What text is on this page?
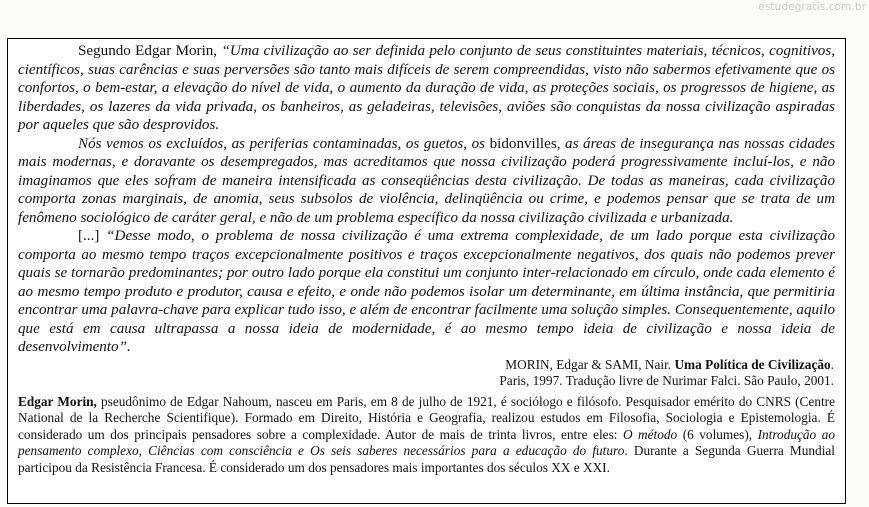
estudegratis.com.br

Segundo Edgar Morin, “Uma civilização ao ser definida pelo conjunto de seus constituintes materiais, técnicos, cognitivos, científicos, suas carências e suas perversões são tanto mais difíceis de serem compreendidas, visto não sabermos efetivamente que os confortos, o bem-estar, a elevação do nível de vida, o aumento da duração de vida, as proteções sociais, os progressos de higiene, as liberdades, os lazeres da vida privada, os banheiros, as geladeiras, televisões, aviões são conquistas da nossa civilização aspiradas por aqueles que são desprovidos.

Nós vemos os excluídos, as periferias contaminadas, os guetos, os bidonvilles, as áreas de insegurança nas nossas cidades mais modernas, e doravante os desempregados, mas acreditamos que nossa civilização poderá progressivamente incluí-los, e não imaginamos que eles sofram de maneira intensificada as conseqüências desta civilização. De todas as maneiras, cada civilização comporta zonas marginais, de anomia, seus subsolos de violência, delinqüência ou crime, e podemos pensar que se trata de um fenômeno sociológico de caráter geral, e não de um problema específico da nossa civilização civilizada e urbanizada.

[...] “Desse modo, o problema de nossa civilização é uma extrema complexidade, de um lado porque esta civilização comporta ao mesmo tempo traços excepcionalmente positivos e traços excepcionalmente negativos, dos quais não podemos prever quais se tornarão predominantes; por outro lado porque ela constitui um conjunto inter-relacionado em círculo, onde cada elemento é ao mesmo tempo produto e produtor, causa e efeito, e onde não podemos isolar um determinante, em última instância, que permitiria encontrar uma palavra-chave para explicar tudo isso, e além de encontrar facilmente uma solução simples. Consequentemente, aquilo que está em causa ultrapassa a nossa ideia de modernidade, é ao mesmo tempo ideia de civilização e nossa ideia de desenvolvimento”.

MORIN, Edgar & SAMI, Nair. Uma Política de Civilização.
Paris, 1997. Tradução livre de Nurimar Falci. São Paulo, 2001.
Edgar Morin, pseudônimo de Edgar Nahoum, nasceu em Paris, em 8 de julho de 1921, é sociólogo e filósofo. Pesquisador emérito do CNRS (Centre National de la Recherche Scientifique). Formado em Direito, História e Geografia, realizou estudos em Filosofia, Sociologia e Epistemologia. É considerado um dos principais pensadores sobre a complexidade. Autor de mais de trinta livros, entre eles: O método (6 volumes), Introdução ao pensamento complexo, Ciências com consciência e Os seis saberes necessários para a educação do futuro. Durante a Segunda Guerra Mundial participou da Resistência Francesa. É considerado um dos pensadores mais importantes dos séculos XX e XXI.
